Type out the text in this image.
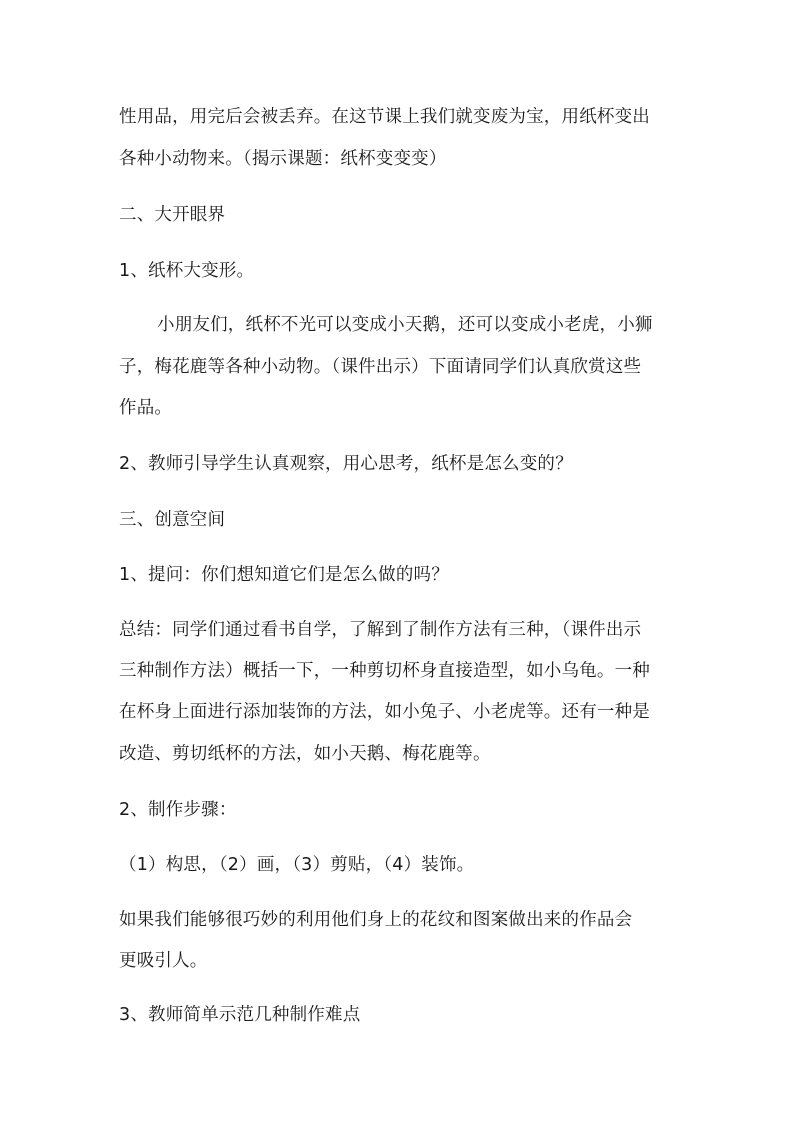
性用品，用完后会被丢弃。在这节课上我们就变废为宝，用纸杯变出
各种小动物来。（揭示课题：纸杯变变变）
二、大开眼界
1、纸杯大变形。
小朋友们，纸杯不光可以变成小天鹅，还可以变成小老虎，小狮
子，梅花鹿等各种小动物。（课件出示）下面请同学们认真欣赏这些
作品。
2、教师引导学生认真观察，用心思考，纸杯是怎么变的？
三、创意空间
1、提问：你们想知道它们是怎么做的吗？
总结：同学们通过看书自学，了解到了制作方法有三种，（课件出示
三种制作方法）概括一下，一种剪切杯身直接造型，如小乌龟。一种
在杯身上面进行添加装饰的方法，如小兔子、小老虎等。还有一种是
改造、剪切纸杯的方法，如小天鹅、梅花鹿等。
2、制作步骤：
（1）构思，（2）画，（3）剪贴，（4）装饰。
如果我们能够很巧妙的利用他们身上的花纹和图案做出来的作品会
更吸引人。
3、教师简单示范几种制作难点
